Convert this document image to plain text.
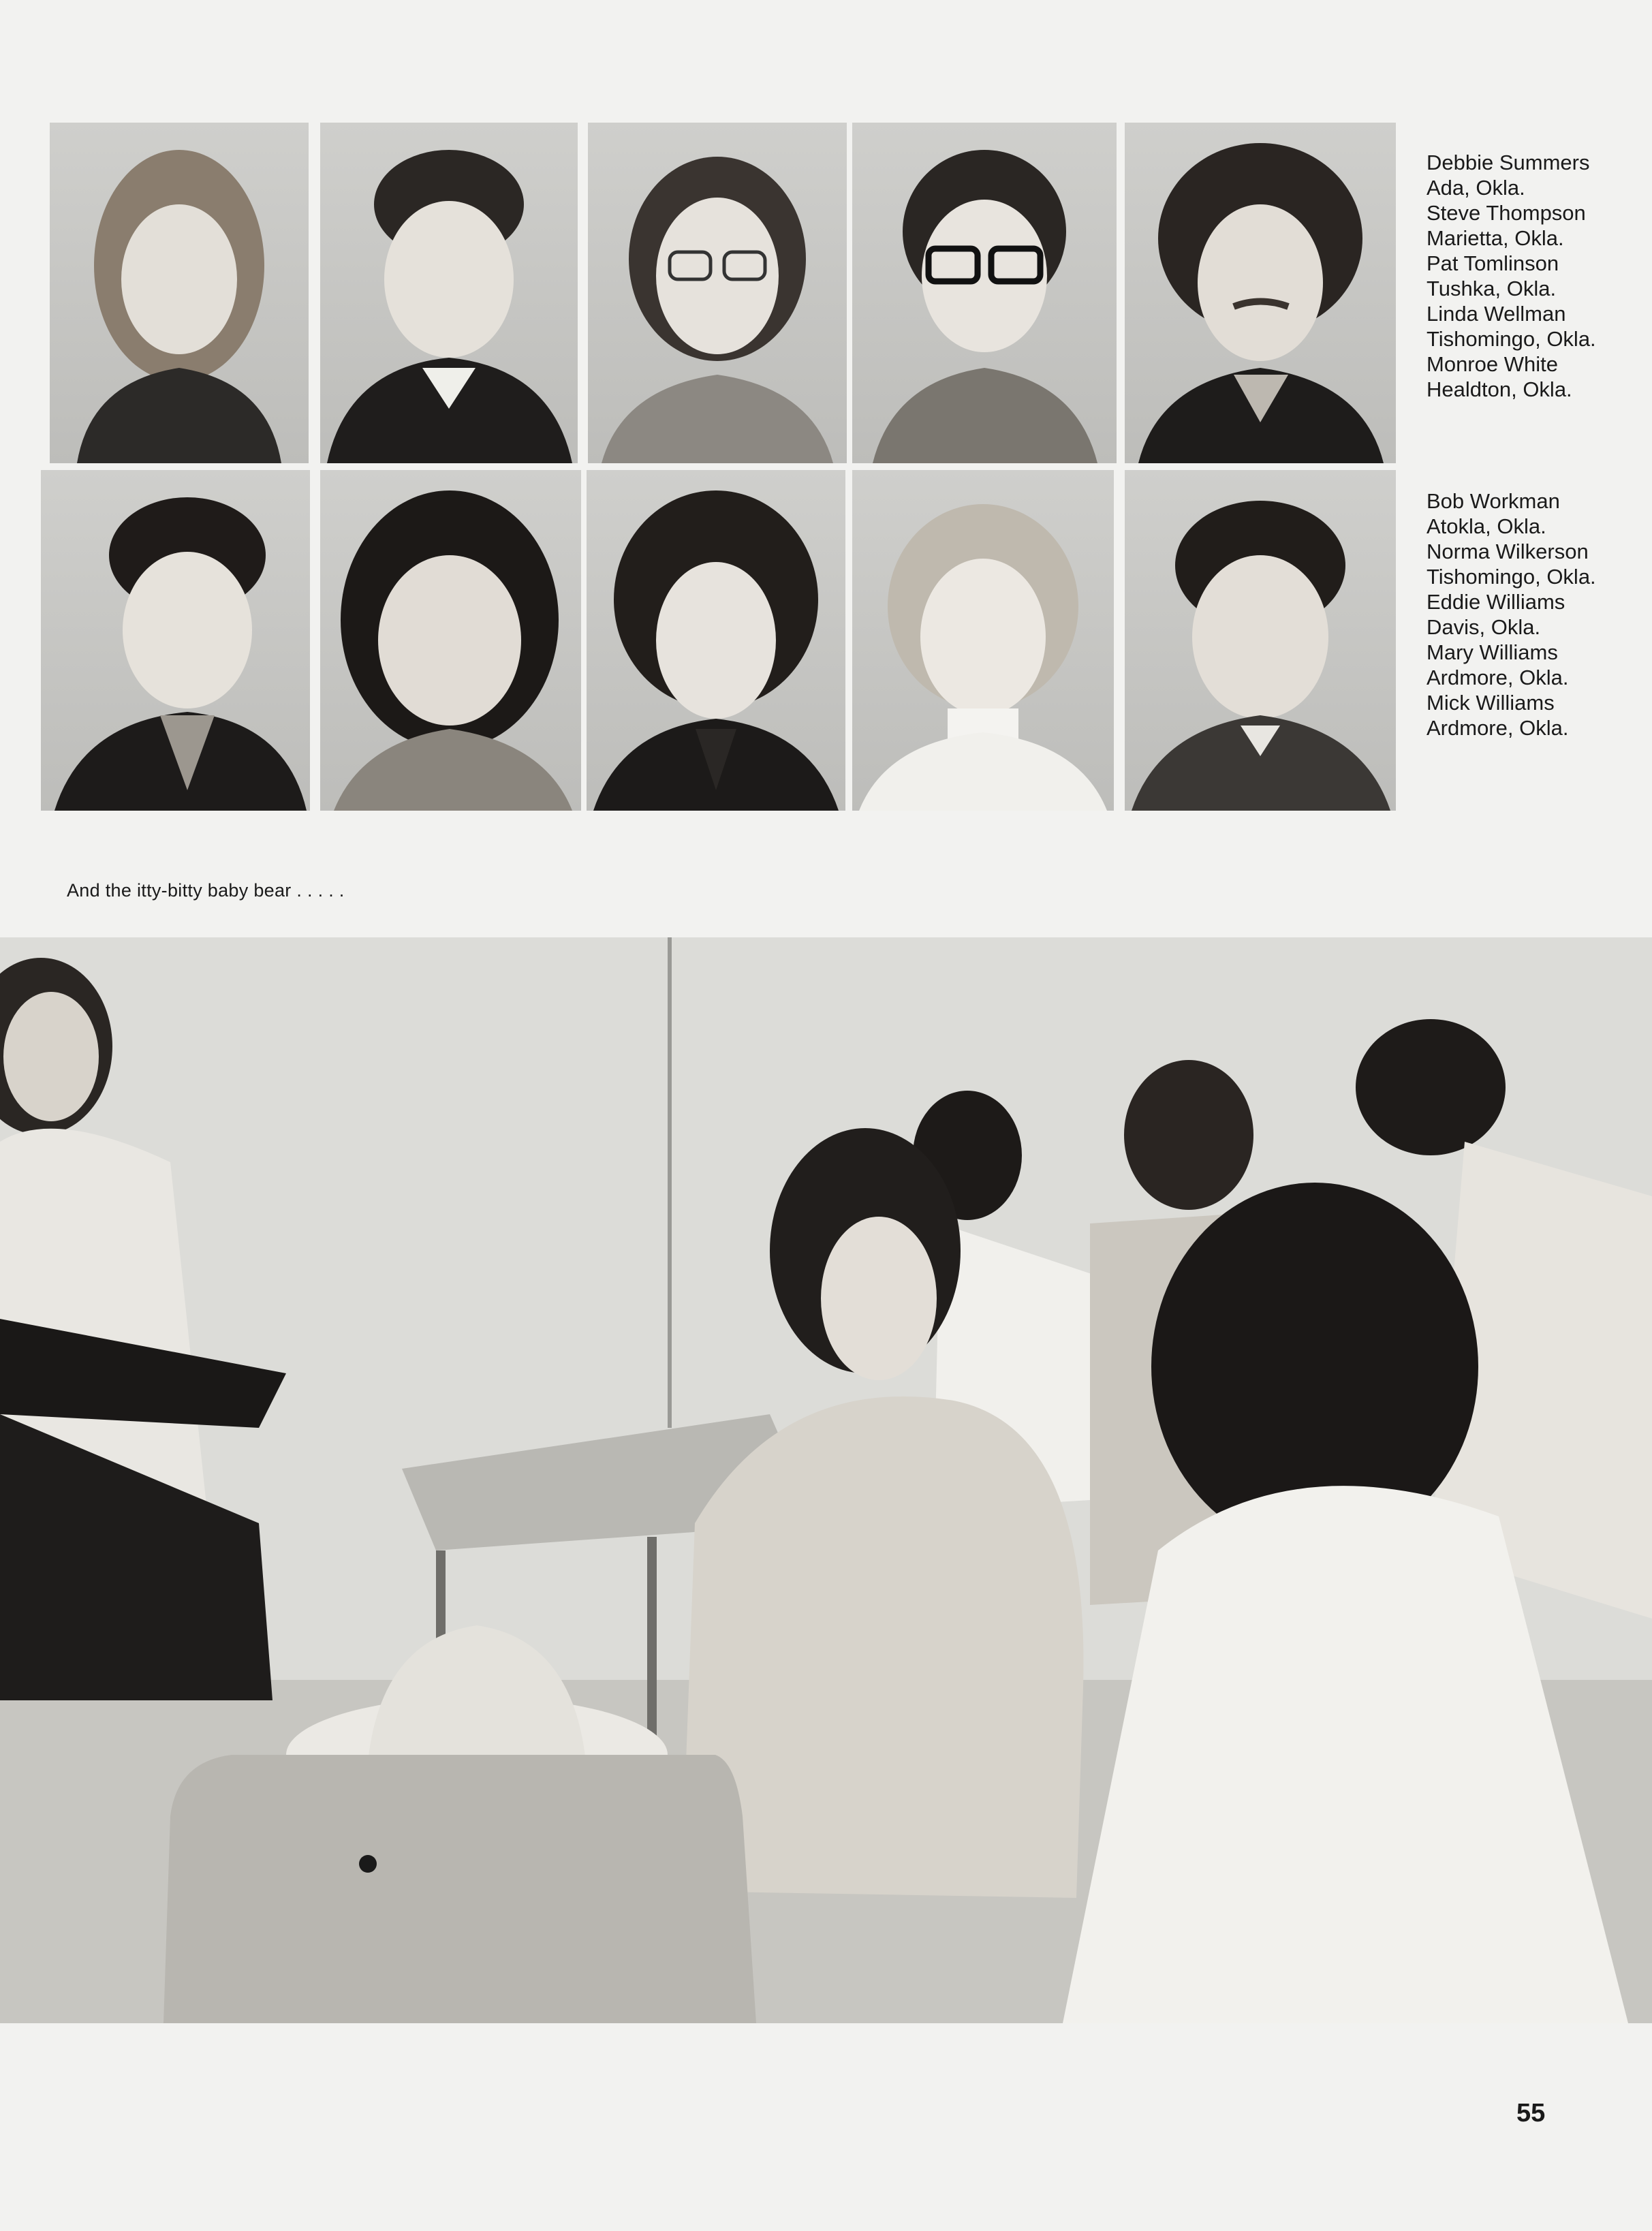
Debbie Summers
Ada, Okla.
Steve Thompson
Marietta, Okla.
Pat Tomlinson
Tushka, Okla.
Linda Wellman
Tishomingo, Okla.
Monroe White
Healdton, Okla.
Bob Workman
Atokla, Okla.
Norma Wilkerson
Tishomingo, Okla.
Eddie Williams
Davis, Okla.
Mary Williams
Ardmore, Okla.
Mick Williams
Ardmore, Okla.
And the itty-bitty baby bear . . . . .
55
